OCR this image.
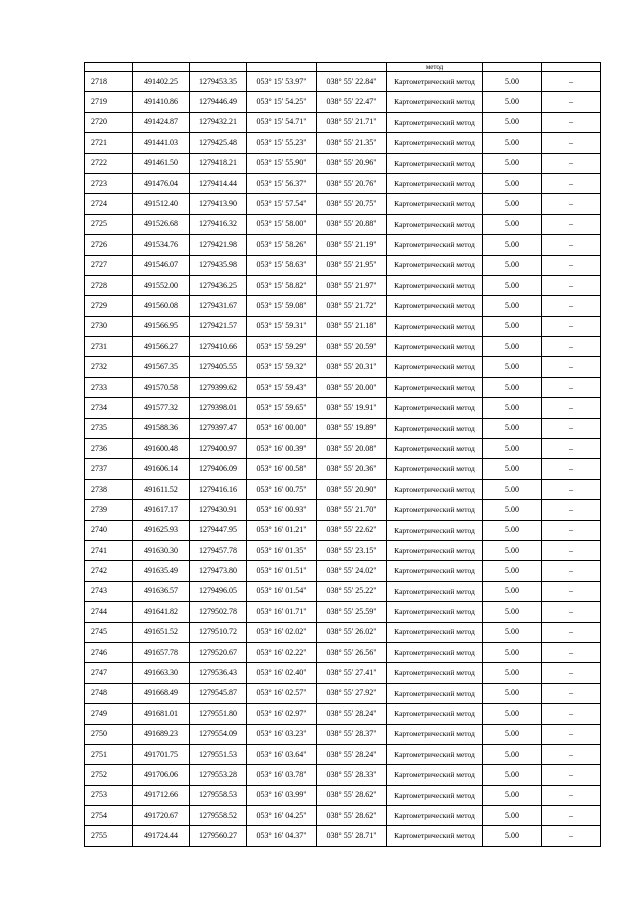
					метод		
2718	491402.25	1279453.35	053° 15' 53.97"	038° 55' 22.84"	Картометрический метод	5.00	–
2719	491410.86	1279446.49	053° 15' 54.25"	038° 55' 22.47"	Картометрический метод	5.00	–
2720	491424.87	1279432.21	053° 15' 54.71"	038° 55' 21.71"	Картометрический метод	5.00	–
2721	491441.03	1279425.48	053° 15' 55.23"	038° 55' 21.35"	Картометрический метод	5.00	–
2722	491461.50	1279418.21	053° 15' 55.90"	038° 55' 20.96"	Картометрический метод	5.00	–
2723	491476.04	1279414.44	053° 15' 56.37"	038° 55' 20.76"	Картометрический метод	5.00	–
2724	491512.40	1279413.90	053° 15' 57.54"	038° 55' 20.75"	Картометрический метод	5.00	–
2725	491526.68	1279416.32	053° 15' 58.00"	038° 55' 20.88"	Картометрический метод	5.00	–
2726	491534.76	1279421.98	053° 15' 58.26"	038° 55' 21.19"	Картометрический метод	5.00	–
2727	491546.07	1279435.98	053° 15' 58.63"	038° 55' 21.95"	Картометрический метод	5.00	–
2728	491552.00	1279436.25	053° 15' 58.82"	038° 55' 21.97"	Картометрический метод	5.00	–
2729	491560.08	1279431.67	053° 15' 59.08"	038° 55' 21.72"	Картометрический метод	5.00	–
2730	491566.95	1279421.57	053° 15' 59.31"	038° 55' 21.18"	Картометрический метод	5.00	–
2731	491566.27	1279410.66	053° 15' 59.29"	038° 55' 20.59"	Картометрический метод	5.00	–
2732	491567.35	1279405.55	053° 15' 59.32"	038° 55' 20.31"	Картометрический метод	5.00	–
2733	491570.58	1279399.62	053° 15' 59.43"	038° 55' 20.00"	Картометрический метод	5.00	–
2734	491577.32	1279398.01	053° 15' 59.65"	038° 55' 19.91"	Картометрический метод	5.00	–
2735	491588.36	1279397.47	053° 16' 00.00"	038° 55' 19.89"	Картометрический метод	5.00	–
2736	491600.48	1279400.97	053° 16' 00.39"	038° 55' 20.08"	Картометрический метод	5.00	–
2737	491606.14	1279406.09	053° 16' 00.58"	038° 55' 20.36"	Картометрический метод	5.00	–
2738	491611.52	1279416.16	053° 16' 00.75"	038° 55' 20.90"	Картометрический метод	5.00	–
2739	491617.17	1279430.91	053° 16' 00.93"	038° 55' 21.70"	Картометрический метод	5.00	–
2740	491625.93	1279447.95	053° 16' 01.21"	038° 55' 22.62"	Картометрический метод	5.00	–
2741	491630.30	1279457.78	053° 16' 01.35"	038° 55' 23.15"	Картометрический метод	5.00	–
2742	491635.49	1279473.80	053° 16' 01.51"	038° 55' 24.02"	Картометрический метод	5.00	–
2743	491636.57	1279496.05	053° 16' 01.54"	038° 55' 25.22"	Картометрический метод	5.00	–
2744	491641.82	1279502.78	053° 16' 01.71"	038° 55' 25.59"	Картометрический метод	5.00	–
2745	491651.52	1279510.72	053° 16' 02.02"	038° 55' 26.02"	Картометрический метод	5.00	–
2746	491657.78	1279520.67	053° 16' 02.22"	038° 55' 26.56"	Картометрический метод	5.00	–
2747	491663.30	1279536.43	053° 16' 02.40"	038° 55' 27.41"	Картометрический метод	5.00	–
2748	491668.49	1279545.87	053° 16' 02.57"	038° 55' 27.92"	Картометрический метод	5.00	–
2749	491681.01	1279551.80	053° 16' 02.97"	038° 55' 28.24"	Картометрический метод	5.00	–
2750	491689.23	1279554.09	053° 16' 03.23"	038° 55' 28.37"	Картометрический метод	5.00	–
2751	491701.75	1279551.53	053° 16' 03.64"	038° 55' 28.24"	Картометрический метод	5.00	–
2752	491706.06	1279553.28	053° 16' 03.78"	038° 55' 28.33"	Картометрический метод	5.00	–
2753	491712.66	1279558.53	053° 16' 03.99"	038° 55' 28.62"	Картометрический метод	5.00	–
2754	491720.67	1279558.52	053° 16' 04.25"	038° 55' 28.62"	Картометрический метод	5.00	–
2755	491724.44	1279560.27	053° 16' 04.37"	038° 55' 28.71"	Картометрический метод	5.00	–
